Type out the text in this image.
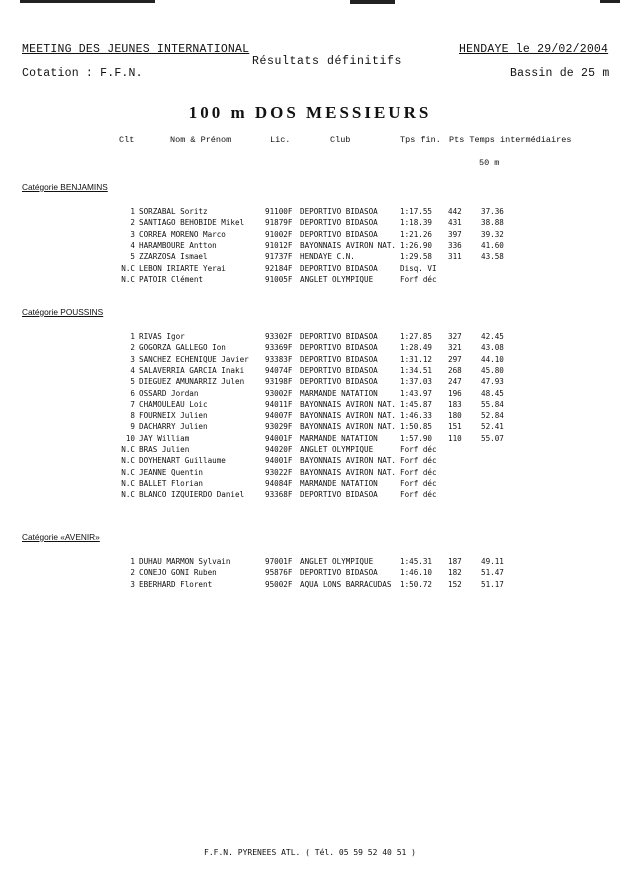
MEETING DES JEUNES INTERNATIONAL	HENDAYE le 29/02/2004
Résultats définitifs
Cotation : F.F.N.	Bassin de 25 m
100 m DOS MESSIEURS
Clt	Nom & Prénom	Lic.	Club	Tps fin. Pts Temps intermédiaires
50 m
Catégorie BENJAMINS
Catégorie POUSSINS
Catégorie «AVENIR»
1 SORZABAL Soritz	91100F DEPORTIVO BIDASOA	1:17.55 442	37.36
2 SANTIAGO BEHOBIDE Mikel	91879F DEPORTIVO BIDASOA	1:18.39 431	38.88
3 CORREA MORENO Marco	91002F DEPORTIVO BIDASOA	1:21.26 397	39.32
4 HARAMBOURE Antton	91012F BAYONNAIS AVIRON NAT. 1:26.90 336	41.60
5 ZZARZOSA Ismael	91737F HENDAYE C.N.	1:29.58 311	43.58
N.C LEBON IRIARTE Yerai	92184F DEPORTIVO BIDASOA	Disq. VI
N.C PATOIR Clément	91005F ANGLET OLYMPIQUE	Forf déc
1 RIVAS Igor	93302F DEPORTIVO BIDASOA	1:27.85 327	42.45
2 GOGORZA GALLEGO Ion	93369F DEPORTIVO BIDASOA	1:28.49 321	43.08
3 SANCHEZ ECHENIQUE Javier 93383F DEPORTIVO BIDASOA	1:31.12 297	44.10
4 SALAVERRIA GARCIA Inaki	94074F DEPORTIVO BIDASOA	1:34.51 268	45.80
5 DIEGUEZ AMUNARRIZ Julen	93198F DEPORTIVO BIDASOA	1:37.03 247	47.93
6 OSSARD Jordan	93002F MARMANDE NATATION	1:43.97 196	48.45
7 CHAMOULEAU Loic	94011F BAYONNAIS AVIRON NAT. 1:45.87 183	55.84
8 FOURNEIX Julien	94007F BAYONNAIS AVIRON NAT. 1:46.33 180	52.84
9 DACHARRY Julien	93029F BAYONNAIS AVIRON NAT. 1:50.85 151	52.41
10 JAY William	94001F MARMANDE NATATION	1:57.90 110	55.07
N.C BRAS Julien	94020F ANGLET OLYMPIQUE	Forf déc
N.C DOYHENART Guillaume	94001F BAYONNAIS AVIRON NAT. Forf déc
N.C JEANNE Quentin	93022F BAYONNAIS AVIRON NAT. Forf déc
N.C BALLET Florian	94084F MARMANDE NATATION	Forf déc
N.C BLANCO IZQUIERDO Daniel	93368F DEPORTIVO BIDASOA	Forf déc
1 DUHAU MARMON Sylvain	97001F ANGLET OLYMPIQUE	1:45.31 187	49.11
2 CONEJO GONI Ruben	95876F DEPORTIVO BIDASOA	1:46.10 182	51.47
3 EBERHARD Florent	95002F AQUA LONS BARRACUDAS 1:50.72 152	51.17
F.F.N. PYRENEES ATL. ( Tél. 05 59 52 40 51 )
